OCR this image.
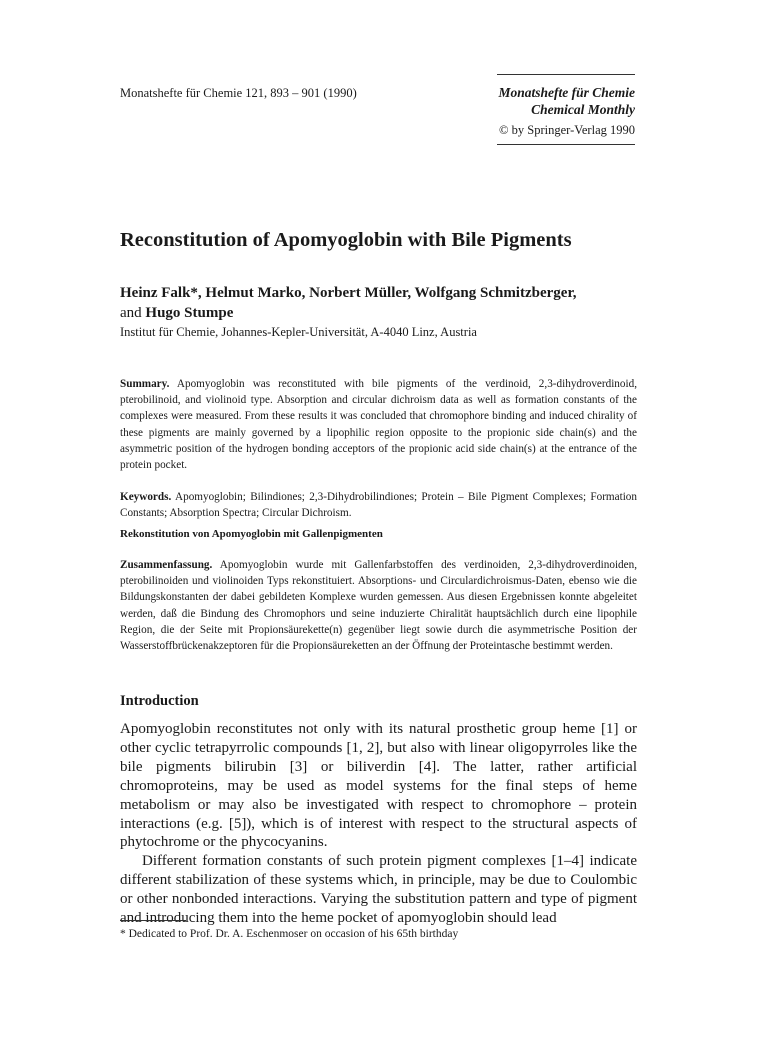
Monatshefte für Chemie 121, 893 – 901 (1990)	Monatshefte für Chemie
Chemical Monthly
© by Springer-Verlag 1990
Reconstitution of Apomyoglobin with Bile Pigments
Heinz Falk*, Helmut Marko, Norbert Müller, Wolfgang Schmitzberger,
and Hugo Stumpe
Institut für Chemie, Johannes-Kepler-Universität, A-4040 Linz, Austria
Summary. Apomyoglobin was reconstituted with bile pigments of the verdinoid, 2,3-dihydroverdinoid, pterobilinoid, and violinoid type. Absorption and circular dichroism data as well as formation constants of the complexes were measured. From these results it was concluded that chromophore binding and induced chirality of these pigments are mainly governed by a lipophilic region opposite to the propionic side chain(s) and the asymmetric position of the hydrogen bonding acceptors of the propionic acid side chain(s) at the entrance of the protein pocket.
Keywords. Apomyoglobin; Bilindiones; 2,3-Dihydrobilindiones; Protein – Bile Pigment Complexes; Formation Constants; Absorption Spectra; Circular Dichroism.
Rekonstitution von Apomyoglobin mit Gallenpigmenten
Zusammenfassung. Apomyoglobin wurde mit Gallenfarbstoffen des verdinoiden, 2,3-dihydroverdinoiden, pterobilinoiden und violinoiden Typs rekonstituiert. Absorptions- und Circulardichroismus-Daten, ebenso wie die Bildungskonstanten der dabei gebildeten Komplexe wurden gemessen. Aus diesen Ergebnissen konnte abgeleitet werden, daß die Bindung des Chromophors und seine induzierte Chiralität hauptsächlich durch eine lipophile Region, die der Seite mit Propionsäurekette(n) gegenüber liegt sowie durch die asymmetrische Position der Wasserstoffbrückenakzeptoren für die Propionsäureketten an der Öffnung der Proteintasche bestimmt werden.
Introduction

Apomyoglobin reconstitutes not only with its natural prosthetic group heme [1] or other cyclic tetrapyrrolic compounds [1, 2], but also with linear oligopyrroles like the bile pigments bilirubin [3] or biliverdin [4]. The latter, rather artificial chromoproteins, may be used as model systems for the final steps of heme metabolism or may also be investigated with respect to chromophore – protein interactions (e.g. [5]), which is of interest with respect to the structural aspects of phytochrome or the phycocyanins.

Different formation constants of such protein pigment complexes [1–4] indicate different stabilization of these systems which, in principle, may be due to Coulombic or other nonbonded interactions. Varying the substitution pattern and type of pigment and introducing them into the heme pocket of apomyoglobin should lead

* Dedicated to Prof. Dr. A. Eschenmoser on occasion of his 65th birthday
